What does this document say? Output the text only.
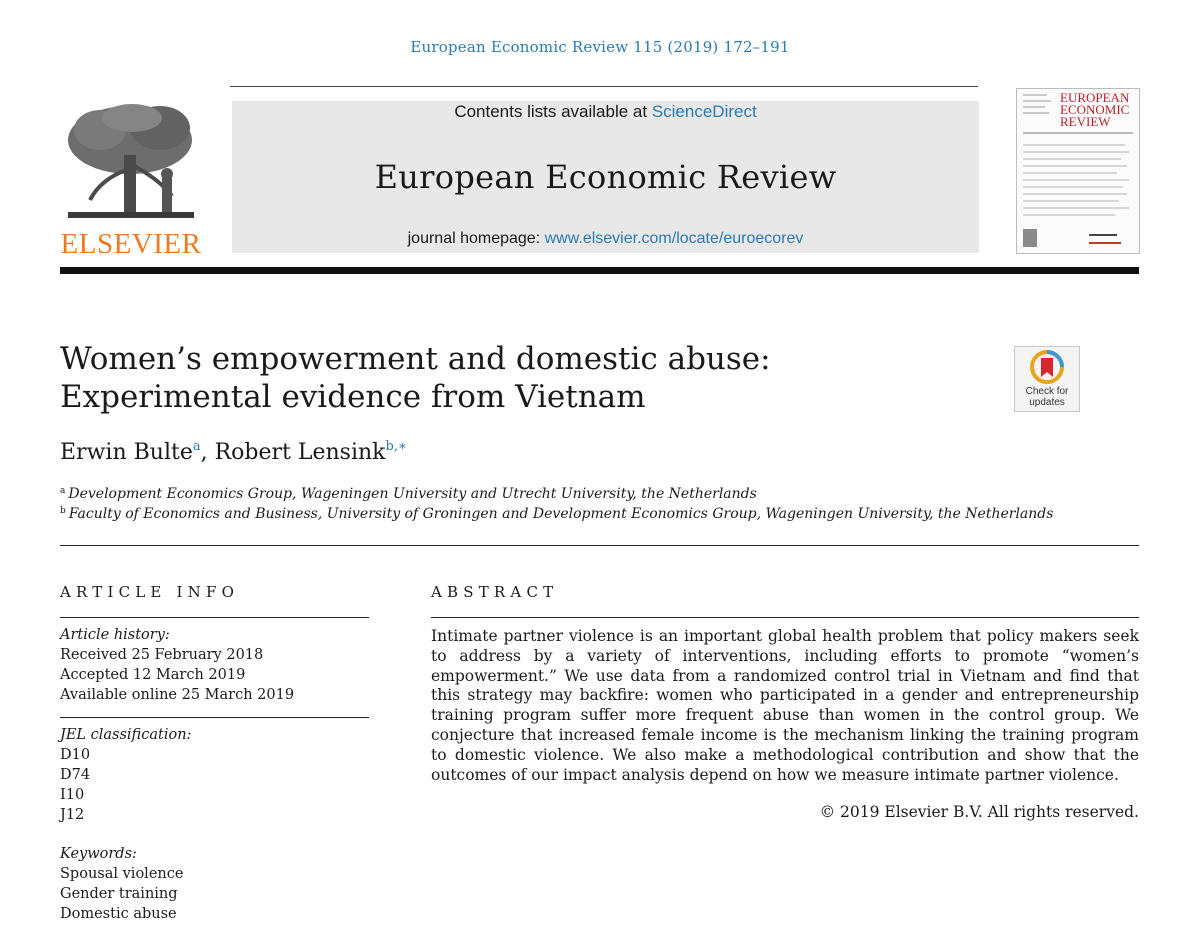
European Economic Review 115 (2019) 172–191
ELSEVIER
Contents lists available at ScienceDirect
European Economic Review
journal homepage: www.elsevier.com/locate/euroecorev
EUROPEAN ECONOMIC REVIEW
Women’s empowerment and domestic abuse: Experimental evidence from Vietnam	Check for updates
Erwin Bulte$^a$, Robert Lensink$^{b,∗}$
$^a$ Development Economics Group, Wageningen University and Utrecht University, the Netherlands
$^b$ Faculty of Economics and Business, University of Groningen and Development Economics Group, Wageningen University, the Netherlands
ARTICLE INFO
Article history:
Received 25 February 2018
Accepted 12 March 2019
Available online 25 March 2019
JEL classification:
D10
D74
I10
J12
Keywords:
Spousal violence
Gender training
Domestic abuse
ABSTRACT
Intimate partner violence is an important global health problem that policy makers seek to address by a variety of interventions, including efforts to promote “women’s empowerment.” We use data from a randomized control trial in Vietnam and find that this strategy may backfire: women who participated in a gender and entrepreneurship training program suffer more frequent abuse than women in the control group. We conjecture that increased female income is the mechanism linking the training program to domestic violence. We also make a methodological contribution and show that the outcomes of our impact analysis depend on how we measure intimate partner violence.
© 2019 Elsevier B.V. All rights reserved.
